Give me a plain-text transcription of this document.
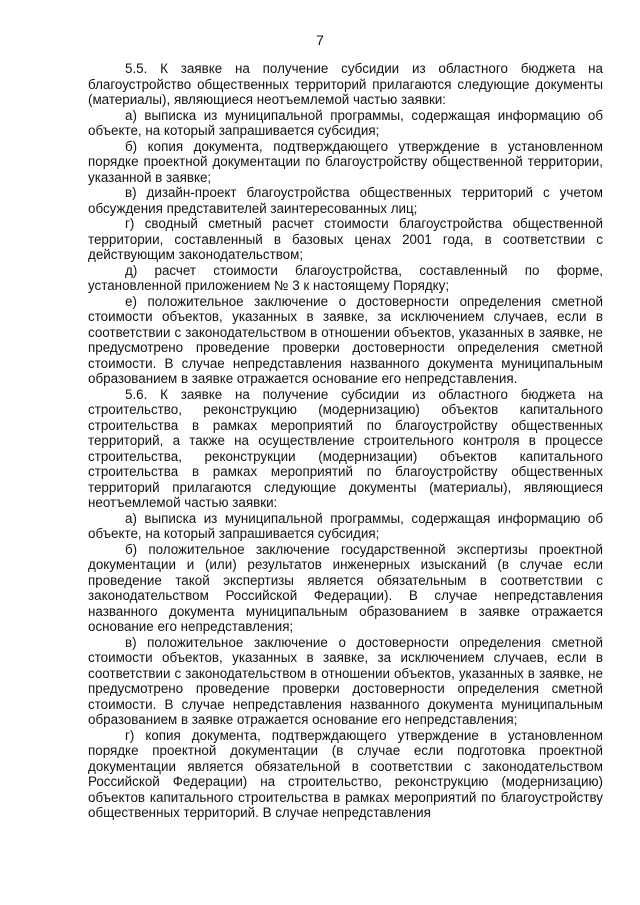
7

5.5. К заявке на получение субсидии из областного бюджета на благоустройство общественных территорий прилагаются следующие документы (материалы), являющиеся неотъемлемой частью заявки:

а) выписка из муниципальной программы, содержащая информацию об объекте, на который запрашивается субсидия;

б) копия документа, подтверждающего утверждение в установленном порядке проектной документации по благоустройству общественной территории, указанной в заявке;

в) дизайн-проект благоустройства общественных территорий с учетом обсуждения представителей заинтересованных лиц;

г) сводный сметный расчет стоимости благоустройства общественной территории, составленный в базовых ценах 2001 года, в соответствии с действующим законодательством;

д) расчет стоимости благоустройства, составленный по форме, установленной приложением № 3 к настоящему Порядку;

е) положительное заключение о достоверности определения сметной стоимости объектов, указанных в заявке, за исключением случаев, если в соответствии с законодательством в отношении объектов, указанных в заявке, не предусмотрено проведение проверки достоверности определения сметной стоимости. В случае непредставления названного документа муниципальным образованием в заявке отражается основание его непредставления.

5.6. К заявке на получение субсидии из областного бюджета на строительство, реконструкцию (модернизацию) объектов капитального строительства в рамках мероприятий по благоустройству общественных территорий, а также на осуществление строительного контроля в процессе строительства, реконструкции (модернизации) объектов капитального строительства в рамках мероприятий по благоустройству общественных территорий прилагаются следующие документы (материалы), являющиеся неотъемлемой частью заявки:

а) выписка из муниципальной программы, содержащая информацию об объекте, на который запрашивается субсидия;

б) положительное заключение государственной экспертизы проектной документации и (или) результатов инженерных изысканий (в случае если проведение такой экспертизы является обязательным в соответствии с законодательством Российской Федерации). В случае непредставления названного документа муниципальным образованием в заявке отражается основание его непредставления;

в) положительное заключение о достоверности определения сметной стоимости объектов, указанных в заявке, за исключением случаев, если в соответствии с законодательством в отношении объектов, указанных в заявке, не предусмотрено проведение проверки достоверности определения сметной стоимости. В случае непредставления названного документа муниципальным образованием в заявке отражается основание его непредставления;

г) копия документа, подтверждающего утверждение в установленном порядке проектной документации (в случае если подготовка проектной документации является обязательной в соответствии с законодательством Российской Федерации) на строительство, реконструкцию (модернизацию) объектов капитального строительства в рамках мероприятий по благоустройству общественных территорий. В случае непредставления
